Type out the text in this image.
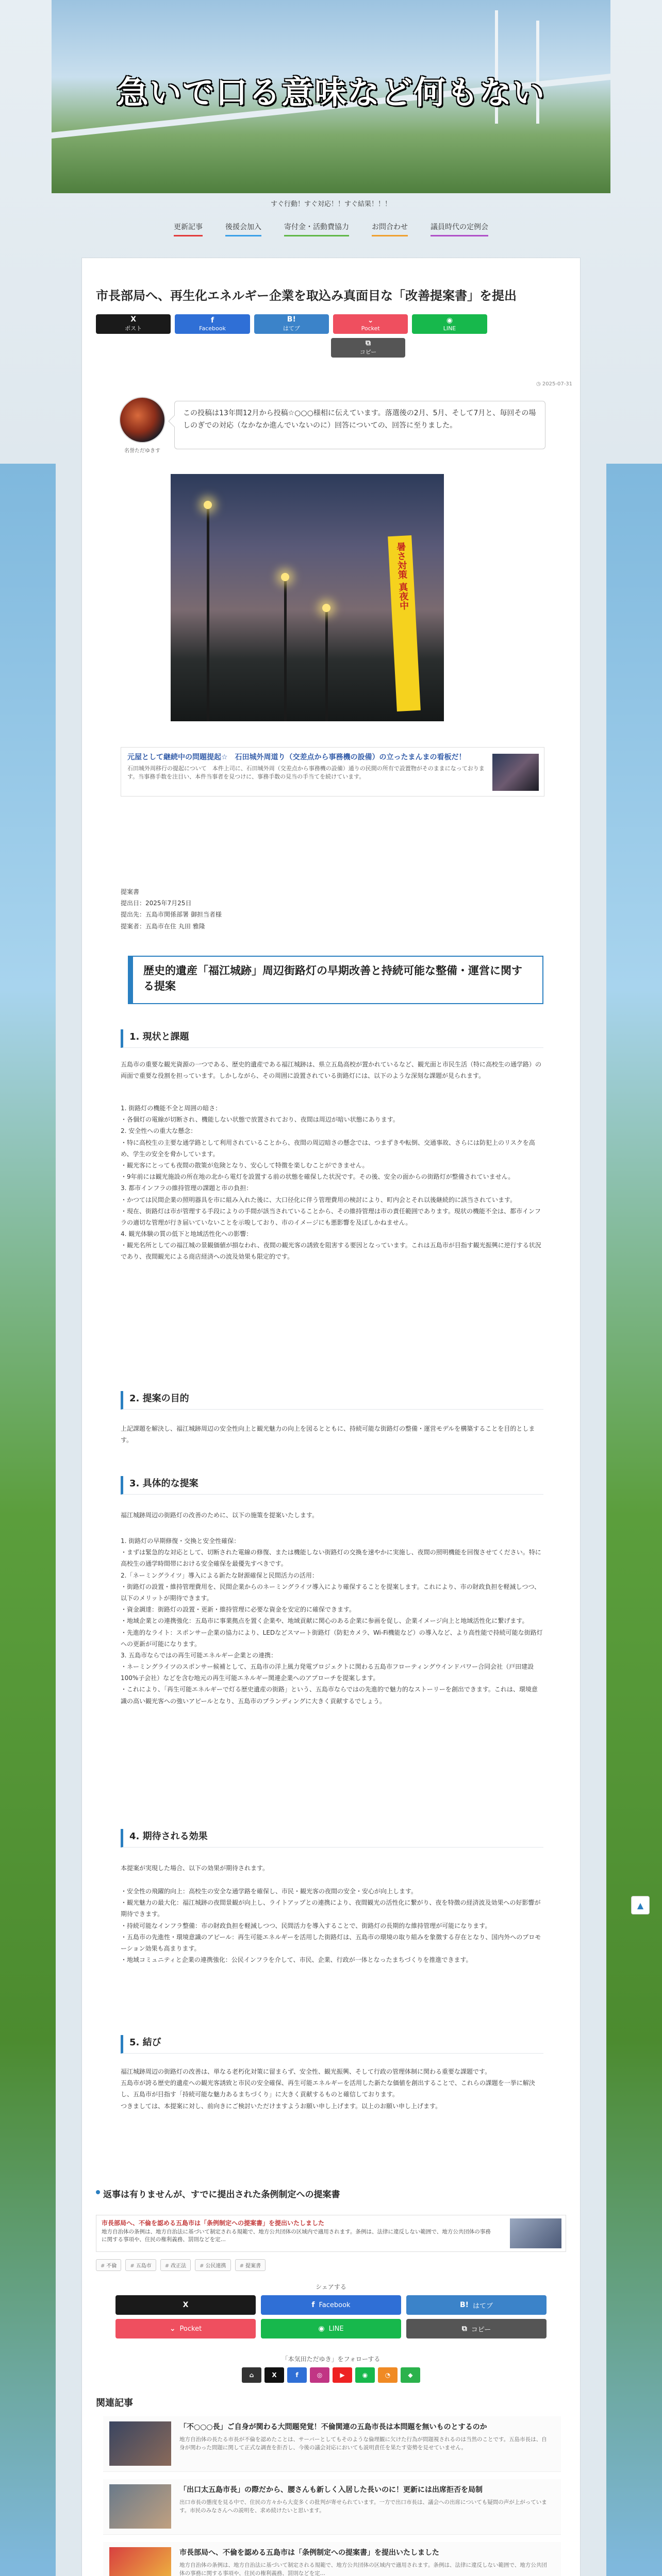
急いで口る意味など何もない
すぐ行動！すぐ対応！！すぐ結果！！！
更新記事	後援会加入	寄付金・活動費協力	お問合わせ	議員時代の定例会
市長部局へ、再生化エネルギー企業を取込み真面目な「改善提案書」を提出
X
ポスト
f
Facebook
B!
はてブ
⌄
Pocket
◉
LINE
⧉
コピー
◷ 2025-07-31
名誉ただゆきす
この投稿は13年間12月から投稿☆○○○様相に伝えています。落選後の2月、5月、そして7月と、毎回その場しのぎでの対応（なかなか進んでいないのに）回答についての、回答に至りました。
暑さ対策 真夜中
元屋として継続中の問題提起☆　石田城外周道り（交差点から事務機の設備）の立ったまんまの看板だ！
石田城外周移行の提起について　本件上司に、石田城外周（交差点から事務機の設備）通りの民間の所有で設置物がそのままになっております。当事務手数を注目い、本件当事者を見つけに、事務手数の見当の手当てを続けています。

提案書

提出日：2025年7月25日

提出先：五島市関係部署 御担当者様

提案者：五島市在住 丸田 雅隆

歴史的遺産「福江城跡」周辺街路灯の早期改善と持続可能な整備・運営に関する提案
1. 現状と課題

五島市の重要な観光資源の一つである、歴史的遺産である福江城跡は、県立五島高校が置かれているなど、観光面と市民生活（特に高校生の通学路）の両面で重要な役割を担っています。しかしながら、その周囲に設置されている街路灯には、以下のような深刻な課題が見られます。

1. 街路灯の機能不全と周囲の暗さ：
・各個灯の電線が切断され、機能しない状態で放置されており、夜間は周辺が暗い状態にあります。
2. 安全性への重大な懸念：
・特に高校生の主要な通学路として利用されていることから、夜間の周辺暗さの懸念では、つまずきや転倒、交通事故、さらには防犯上のリスクを高め、学生の安全を脅かしています。
・観光客にとっても夜間の散策が危険となり、安心して特徴を楽しむことができません。
・9年前には観光施設の所在地の北から電灯を設置する前の状態を確保した状況です。その後、安全の面からの街路灯が整備されていません。
3. 都市インフラの維持管理の課題と市の負担：
・かつては民間企業の照明器具を市に組み入れた後に、大口径化に伴う管理費用の検討により、町内会とそれ以後継続的に該当されています。
・現在、街路灯は市が管理する手段によりの手間が該当されていることから、その維持管理は市の責任範囲であります。現状の機能不全は、都市インフラの適切な管理が行き届いていないことを示唆しており、市のイメージにも悪影響を及ぼしかねません。
4. 観光体験の質の低下と地域活性化への影響：
・観光名所としての福江城の景観価値が損なわれ、夜間の観光客の誘致を阻害する要因となっています。これは五島市が目指す観光振興に逆行する状況であり、夜間観光による商店経済への波及効果も限定的です。
2. 提案の目的
上記課題を解決し、福江城跡周辺の安全性向上と観光魅力の向上を図るとともに、持続可能な街路灯の整備・運営モデルを構築することを目的とします。
3. 具体的な提案
福江城跡周辺の街路灯の改善のために、以下の施策を提案いたします。
1. 街路灯の早期修復・交換と安全性確保：
・まずは緊急的な対応として、切断された電線の修復、または機能しない街路灯の交換を速やかに実施し、夜間の照明機能を回復させてください。特に高校生の通学時間帯における安全確保を最優先すべきです。
2.「ネーミングライツ」導入による新たな財源確保と民間活力の活用：
・街路灯の設置・維持管理費用を、民間企業からのネーミングライツ導入により確保することを提案します。これにより、市の財政負担を軽減しつつ、以下のメリットが期待できます。
・資金調達：街路灯の設置・更新・維持管理に必要な資金を安定的に確保できます。
・地域企業との連携強化：五島市に事業拠点を置く企業や、地域貢献に関心のある企業に参画を促し、企業イメージ向上と地域活性化に繋げます。
・先進的なライト：スポンサー企業の協力により、LEDなどスマート街路灯（防犯カメラ、Wi-Fi機能など）の導入など、より高性能で持続可能な街路灯への更新が可能になります。
3. 五島市ならではの再生可能エネルギー企業との連携：
・ネーミングライツのスポンサー候補として、五島市の洋上風力発電プロジェクトに関わる五島市フローティングウインドパワー合同会社（戸田建設100%子会社）などを含む地元の再生可能エネルギー関連企業へのアプローチを提案します。
・これにより、「再生可能エネルギーで灯る歴史遺産の街路」という、五島市ならではの先進的で魅力的なストーリーを創出できます。これは、環境意識の高い観光客への強いアピールとなり、五島市のブランディングに大きく貢献するでしょう。
4. 期待される効果
本提案が実現した場合、以下の効果が期待されます。
・安全性の飛躍的向上：高校生の安全な通学路を確保し、市民・観光客の夜間の安全・安心が向上します。
・観光魅力の最大化：福江城跡の夜間景観が向上し、ライトアップとの連携により、夜間観光の活性化に繋がり、夜を特徴の経済波及効果への好影響が期待できます。
・持続可能なインフラ整備：市の財政負担を軽減しつつ、民間活力を導入することで、街路灯の長期的な維持管理が可能になります。
・五島市の先進性・環境意識のアピール：再生可能エネルギーを活用した街路灯は、五島市の環境の取り組みを象徴する存在となり、国内外へのプロモーション効果も高まります。
・地域コミュニティと企業の連携強化：公民インフラを介して、市民、企業、行政が一体となったまちづくりを推進できます。
5. 結び
福江城跡周辺の街路灯の改善は、単なる老朽化対策に留まらず、安全性、観光振興、そして行政の管理体制に関わる重要な課題です。
五島市が誇る歴史的遺産への観光客誘致と市民の安全確保、再生可能エネルギーを活用した新たな価値を創出することで、これらの課題を一挙に解決し、五島市が目指す「持続可能な魅力あるまちづくり」に大きく貢献するものと確信しております。
つきましては、本提案に対し、前向きにご検討いただけますようお願い申し上げます。以上のお願い申し上げます。
返事は有りませんが、すでに提出された条例制定への提案書
市長部局へ、不倫を認める五島市は「条例制定への提案書」を提出いたしました
地方自治体の条例は、地方自治法に基づいて制定される規範で、地方公共団体の区域内で適用されます。条例は、法律に違反しない範囲で、地方公共団体の事務に関する事項や、住民の権利義務、罰則などを定...
# 不倫	# 五島市	# 改正法	# 公民連携	# 提案書
シェアする
X	f Facebook	B! はてブ
⌄ Pocket	◉ LINE	⧉ コピー
「本気田ただゆき」をフォローする
⌂	X	f	◎	▶	◉	◔	◆
関連記事
「不○○○長」ご自身が関わる大問題発覚！不倫関連の五島市長は本問題を無いものとするのか
地方自治体の長たる市長が不倫を認めたことは、サーバーとしてもそのような倫理観に欠けた行為が問題視されるのは当然のことです。五島市長は、自身が関わった問題に関して正式な調査を拒否し、今後の議会対応においても説明責任を果たす姿勢を見せていません。
「出口太五島市長」の際だから、腰さんも新しく入居した長いのに！更新には出席拒否を局制
出口市長の態度を見る中で、住民の方々から大変多くの批判が寄せられています。一方で出口市長は、議会への出席についても疑問の声が上がっています。市民のみなさんへの説明を、求め続けたいと思います。
市長部局へ、不倫を認める五島市は「条例制定への提案書」を提出いたしました
地方自治体の条例は、地方自治法に基づいて制定される規範で、地方公共団体の区域内で適用されます。条例は、法律に違反しない範囲で、地方公共団体の事務に関する事項や、住民の権利義務、罰則などを定...
▲
